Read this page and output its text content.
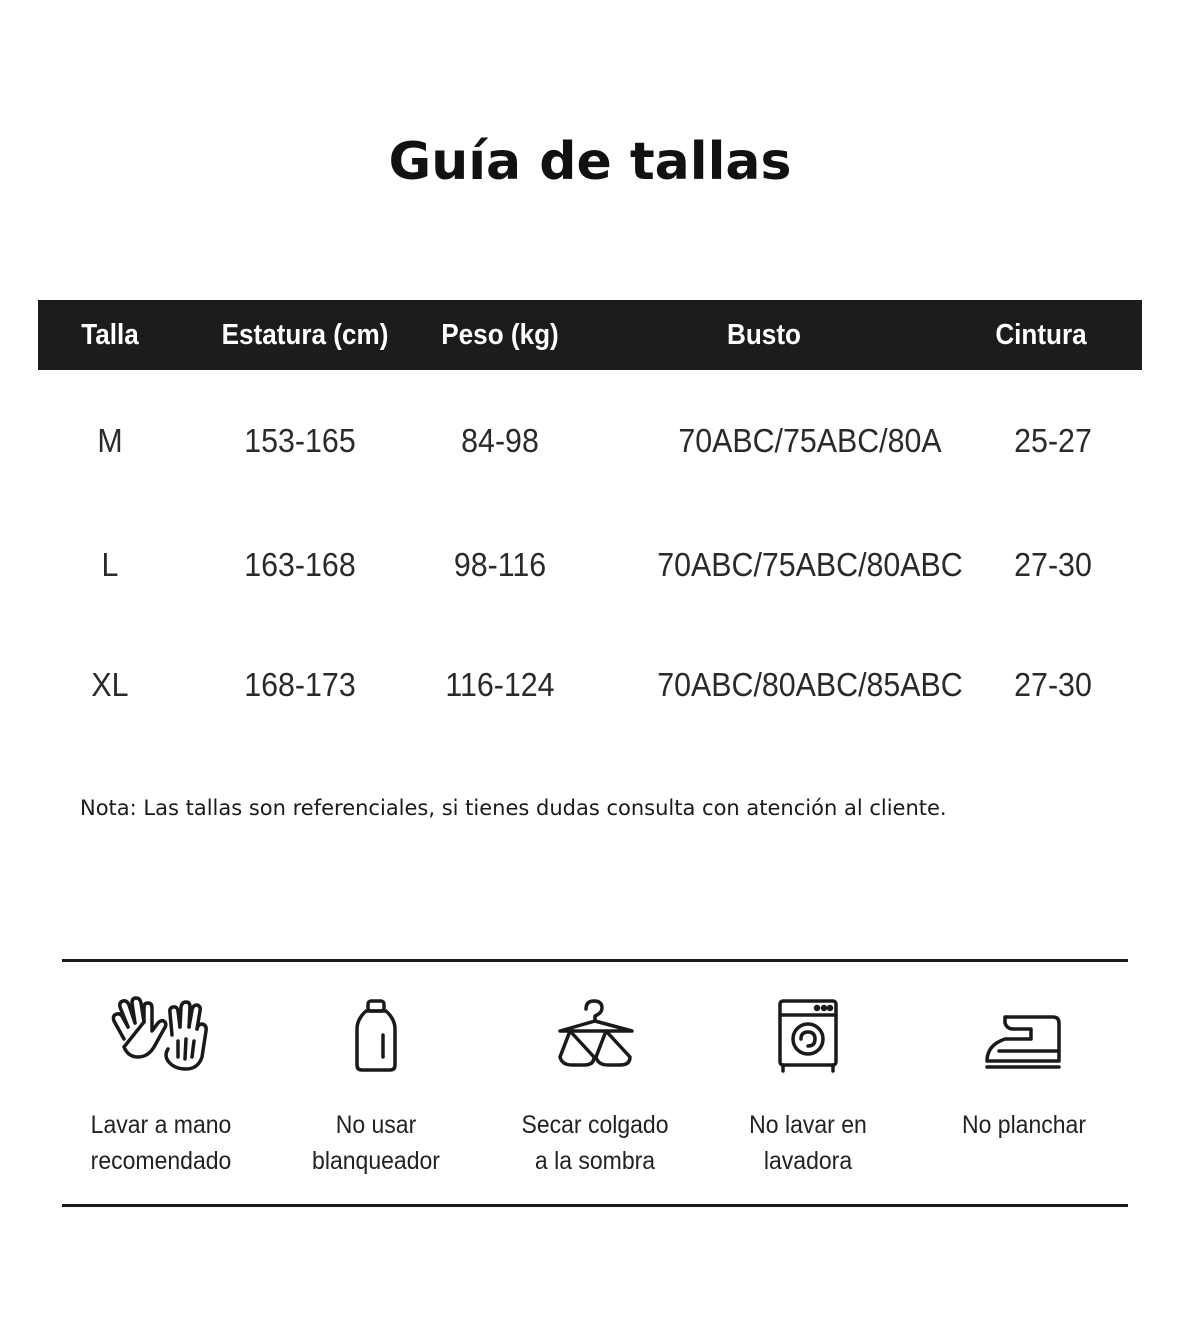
Guía de tallas
Talla	Estatura (cm)	Peso (kg)	Busto	Cintura
M	153-165	84-98	70ABC/75ABC/80A	25-27
L	163-168	98-116	70ABC/75ABC/80ABC	27-30
XL	168-173	116-124	70ABC/80ABC/85ABC	27-30
Nota: Las tallas son referenciales, si tienes dudas consulta con atención al cliente.
Lavar a mano
recomendado
No usar
blanqueador
Secar colgado
a la sombra
No lavar en
lavadora
No planchar
